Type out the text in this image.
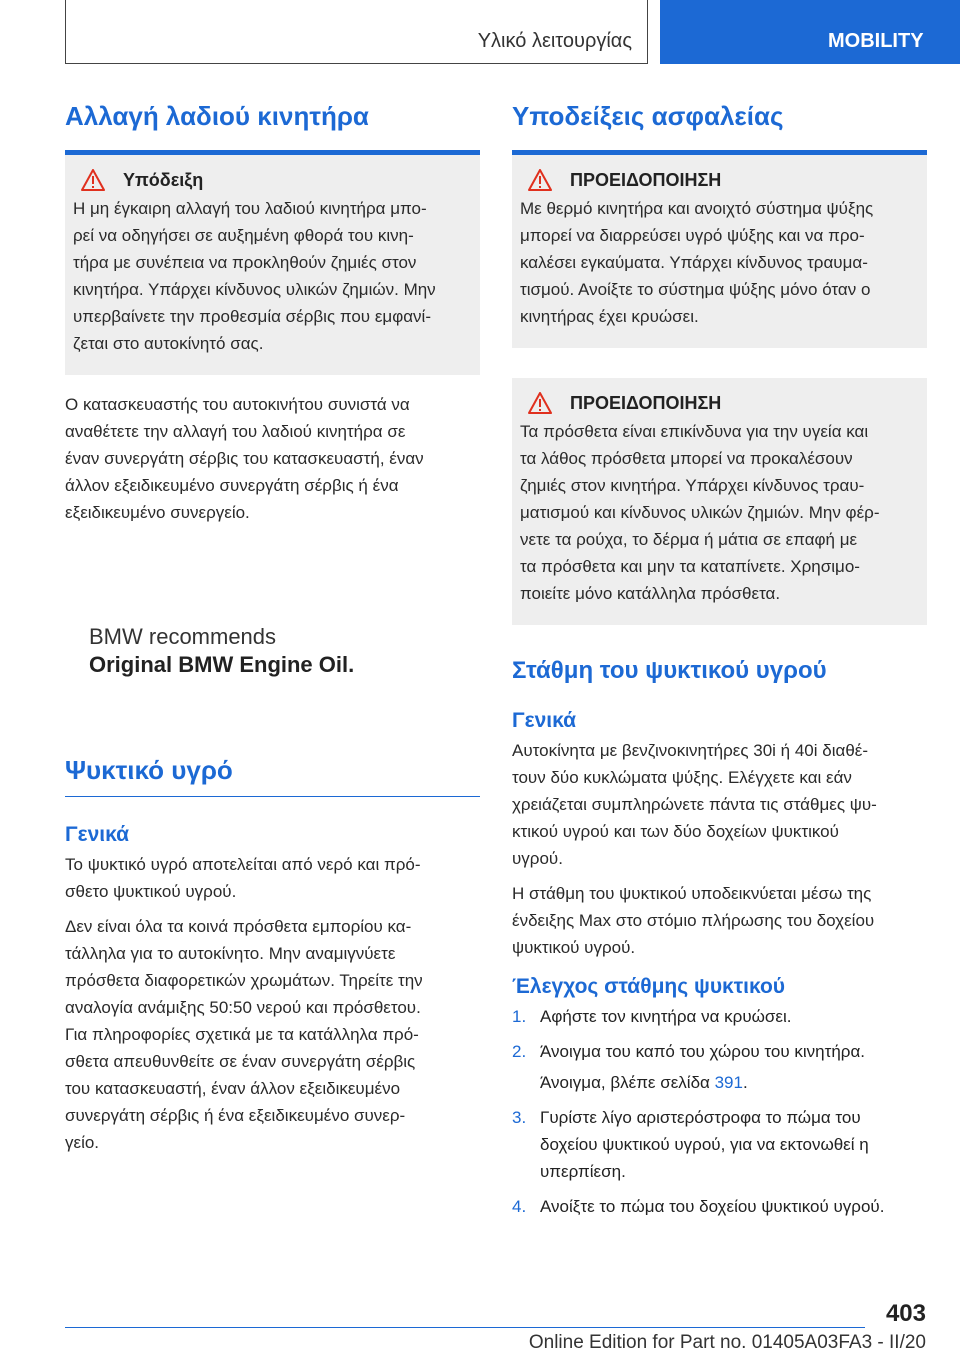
Υλικό λειτουργίας	MOBILITY
Αλλαγή λαδιού κινητήρα
Υπόδειξη

Η μη έγκαιρη αλλαγή του λαδιού κινητήρα μπο-
ρεί να οδηγήσει σε αυξημένη φθορά του κινη-
τήρα με συνέπεια να προκληθούν ζημιές στον
κινητήρα. Υπάρχει κίνδυνος υλικών ζημιών. Μην
υπερβαίνετε την προθεσμία σέρβις που εμφανί-
ζεται στο αυτοκίνητό σας.

Ο κατασκευαστής του αυτοκινήτου συνιστά να
αναθέτετε την αλλαγή του λαδιού κινητήρα σε
έναν συνεργάτη σέρβις του κατασκευαστή, έναν
άλλον εξειδικευμένο συνεργάτη σέρβις ή ένα
εξειδικευμένο συνεργείο.

BMW recommends
Original BMW Engine Oil.
Ψυκτικό υγρό
Γενικά

Το ψυκτικό υγρό αποτελείται από νερό και πρό-
σθετο ψυκτικού υγρού.

Δεν είναι όλα τα κοινά πρόσθετα εμπορίου κα-
τάλληλα για το αυτοκίνητο. Μην αναμιγνύετε
πρόσθετα διαφορετικών χρωμάτων. Τηρείτε την
αναλογία ανάμιξης 50:50 νερού και πρόσθετου.
Για πληροφορίες σχετικά με τα κατάλληλα πρό-
σθετα απευθυνθείτε σε έναν συνεργάτη σέρβις
του κατασκευαστή, έναν άλλον εξειδικευμένο
συνεργάτη σέρβις ή ένα εξειδικευμένο συνερ-
γείο.

Υποδείξεις ασφαλείας
ΠΡΟΕΙΔΟΠΟΙΗΣΗ

Με θερμό κινητήρα και ανοιχτό σύστημα ψύξης
μπορεί να διαρρεύσει υγρό ψύξης και να προ-
καλέσει εγκαύματα. Υπάρχει κίνδυνος τραυμα-
τισμού. Ανοίξτε το σύστημα ψύξης μόνο όταν ο
κινητήρας έχει κρυώσει.

ΠΡΟΕΙΔΟΠΟΙΗΣΗ

Τα πρόσθετα είναι επικίνδυνα για την υγεία και
τα λάθος πρόσθετα μπορεί να προκαλέσουν
ζημιές στον κινητήρα. Υπάρχει κίνδυνος τραυ-
ματισμού και κίνδυνος υλικών ζημιών. Μην φέρ-
νετε τα ρούχα, το δέρμα ή μάτια σε επαφή με
τα πρόσθετα και μην τα καταπίνετε. Χρησιμο-
ποιείτε μόνο κατάλληλα πρόσθετα.

Στάθμη του ψυκτικού υγρού
Γενικά

Αυτοκίνητα με βενζινοκινητήρες 30i ή 40i διαθέ-
τουν δύο κυκλώματα ψύξης. Ελέγχετε και εάν
χρειάζεται συμπληρώνετε πάντα τις στάθμες ψυ-
κτικού υγρού και των δύο δοχείων ψυκτικού
υγρού.

Η στάθμη του ψυκτικού υποδεικνύεται μέσω της
ένδειξης Max στο στόμιο πλήρωσης του δοχείου
ψυκτικού υγρού.

Έλεγχος στάθμης ψυκτικού
1. Αφήστε τον κινητήρα να κρυώσει.
2. Άνοιγμα του καπό του χώρου του κινητήρα.
Άνοιγμα, βλέπε σελίδα 391.
3. Γυρίστε λίγο αριστερόστροφα το πώμα του
δοχείου ψυκτικού υγρού, για να εκτονωθεί η
υπερπίεση.
4. Ανοίξτε το πώμα του δοχείου ψυκτικού υγρού.
403
Online Edition for Part no. 01405A03FA3 - II/20
